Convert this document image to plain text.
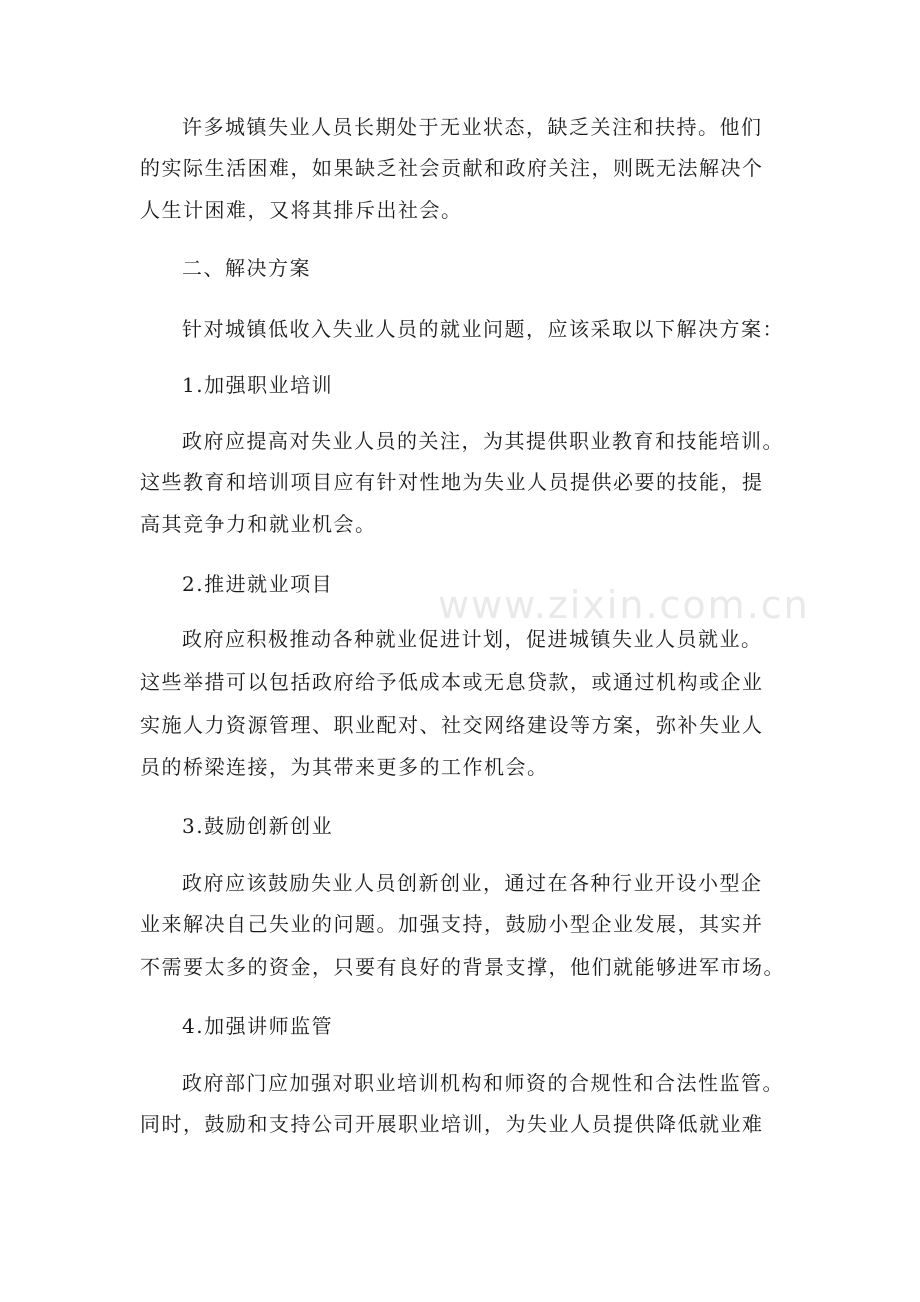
www.zixin.com.cn
许多城镇失业人员长期处于无业状态，缺乏关注和扶持。他们
的实际生活困难，如果缺乏社会贡献和政府关注，则既无法解决个
人生计困难，又将其排斥出社会。
二、解决方案
针对城镇低收入失业人员的就业问题，应该采取以下解决方案：
1.加强职业培训
政府应提高对失业人员的关注，为其提供职业教育和技能培训。
这些教育和培训项目应有针对性地为失业人员提供必要的技能，提
高其竞争力和就业机会。
2.推进就业项目
政府应积极推动各种就业促进计划，促进城镇失业人员就业。
这些举措可以包括政府给予低成本或无息贷款，或通过机构或企业
实施人力资源管理、职业配对、社交网络建设等方案，弥补失业人
员的桥梁连接，为其带来更多的工作机会。
3.鼓励创新创业
政府应该鼓励失业人员创新创业，通过在各种行业开设小型企
业来解决自己失业的问题。加强支持，鼓励小型企业发展，其实并
不需要太多的资金，只要有良好的背景支撑，他们就能够进军市场。
4.加强讲师监管
政府部门应加强对职业培训机构和师资的合规性和合法性监管。
同时，鼓励和支持公司开展职业培训，为失业人员提供降低就业难
